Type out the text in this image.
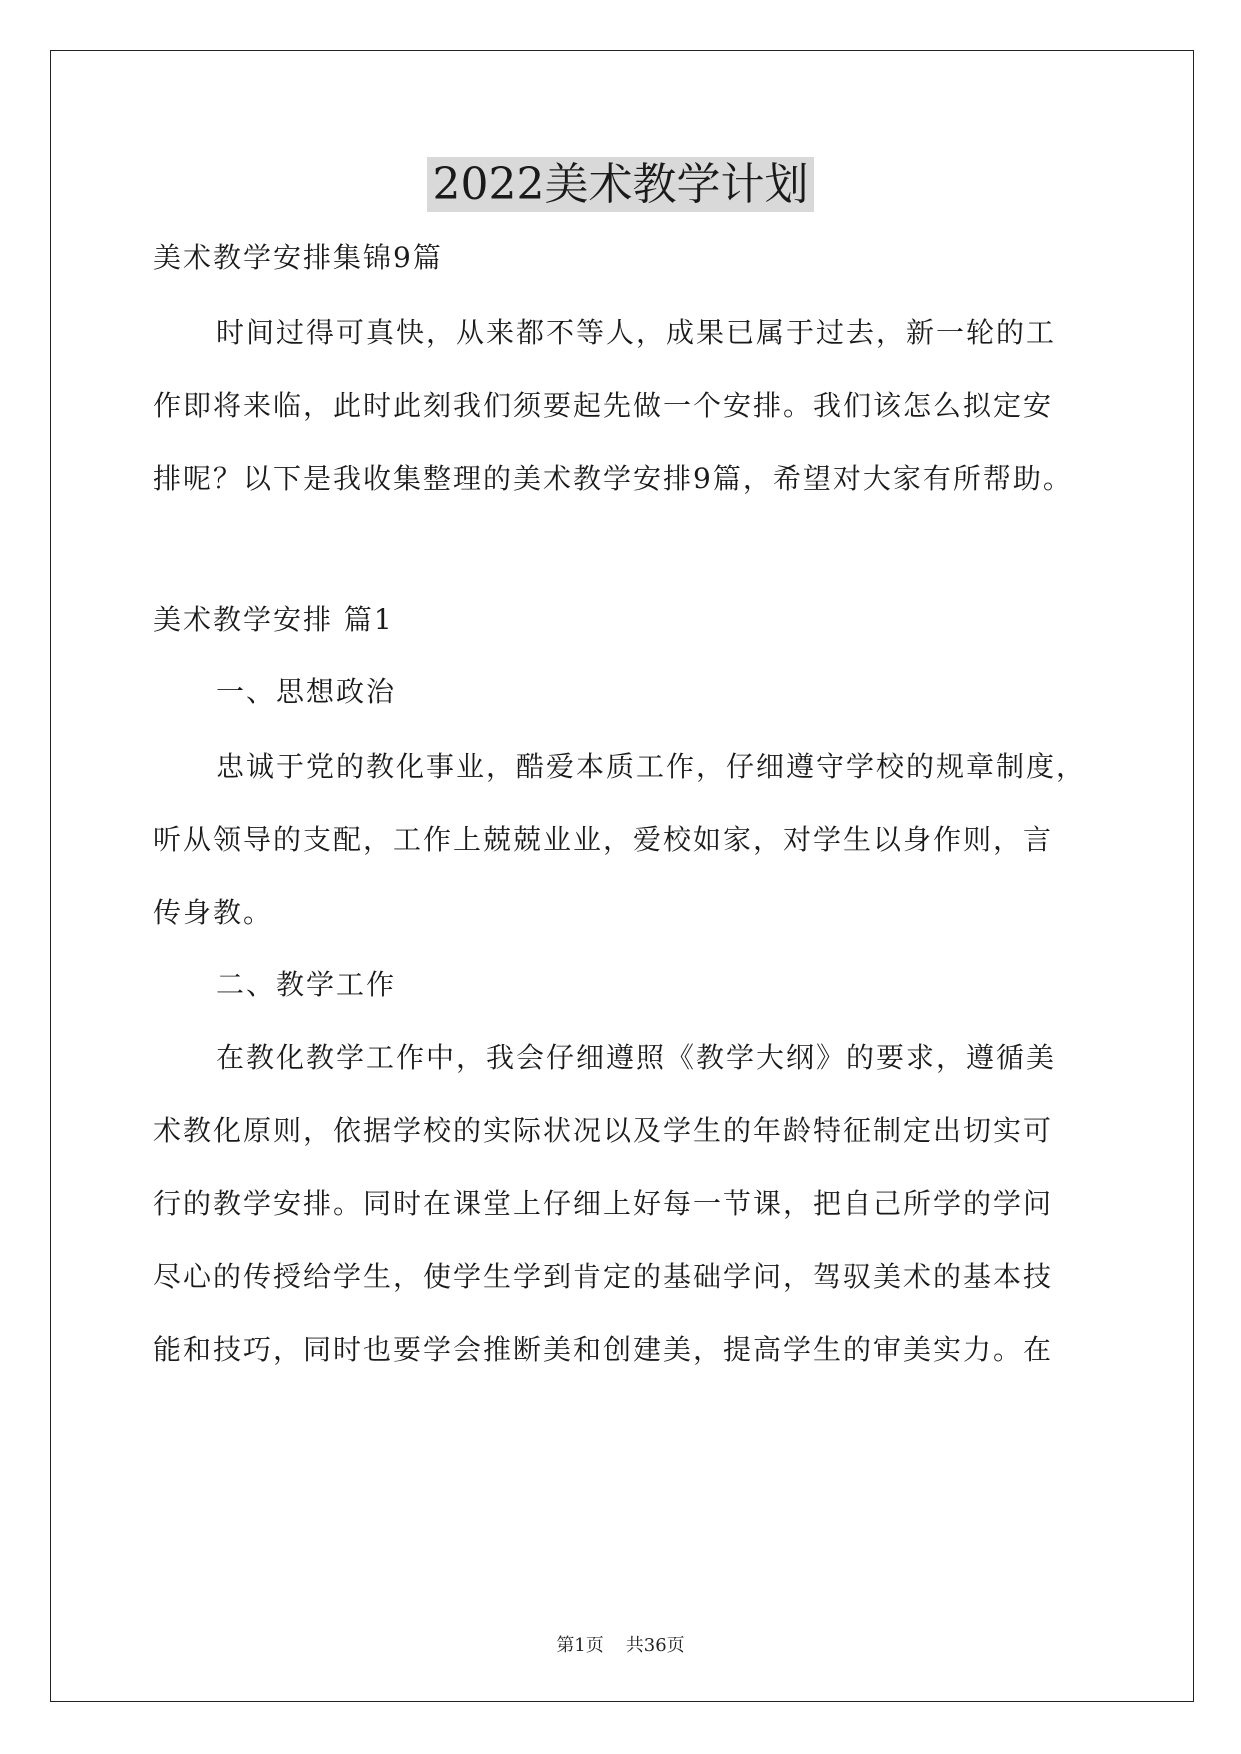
2022美术教学计划
美术教学安排集锦9篇
时间过得可真快，从来都不等人，成果已属于过去，新一轮的工
作即将来临，此时此刻我们须要起先做一个安排。我们该怎么拟定安
排呢？以下是我收集整理的美术教学安排9篇，希望对大家有所帮助。
美术教学安排 篇1
一、思想政治
忠诚于党的教化事业，酷爱本质工作，仔细遵守学校的规章制度，
听从领导的支配，工作上兢兢业业，爱校如家，对学生以身作则，言
传身教。
二、教学工作
在教化教学工作中，我会仔细遵照《教学大纲》的要求，遵循美
术教化原则，依据学校的实际状况以及学生的年龄特征制定出切实可
行的教学安排。同时在课堂上仔细上好每一节课，把自己所学的学问
尽心的传授给学生，使学生学到肯定的基础学问，驾驭美术的基本技
能和技巧，同时也要学会推断美和创建美，提高学生的审美实力。在
第1页 共36页
